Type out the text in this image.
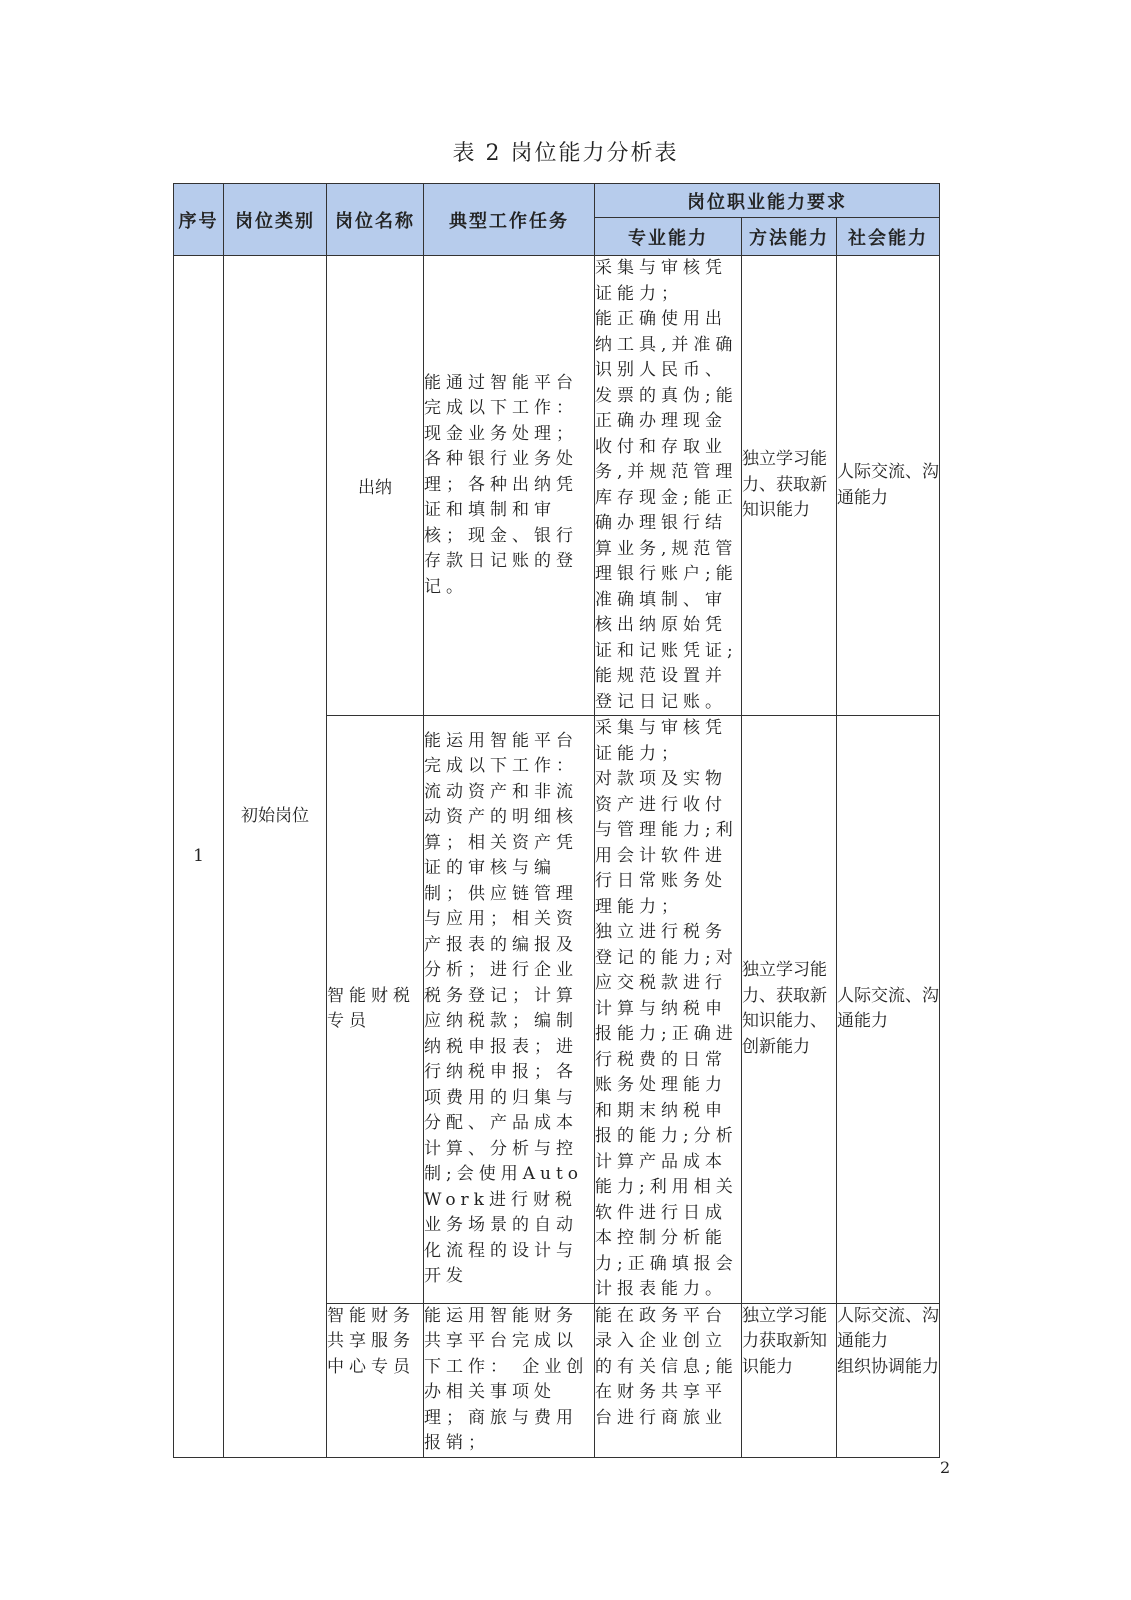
表 2 岗位能力分析表
序号	岗位类别	岗位名称	典型工作任务	岗位职业能力要求		
				专业能力	方法能力	社会能力
1	初始岗位	出纳	能通过智能平台完成以下工作：现金业务处理；各种银行业务处理；各种出纳凭证和填制和审核；现金、银行存款日记账的登记。	采集与审核凭证能力；
能正确使用出纳工具,并准确识别人民币、发票的真伪;能正确办理现金收付和存取业务,并规范管理库存现金;能正确办理银行结算业务,规范管理银行账户;能准确填制、审核出纳原始凭证和记账凭证;能规范设置并登记日记账。	独立学习能力、获取新知识能力	人际交流、沟通能力
		智能财税专员	能运用智能平台完成以下工作：流动资产和非流动资产的明细核算；相关资产凭证的审核与编制；供应链管理与应用；相关资产报表的编报及分析；进行企业税务登记；计算应纳税款；编制纳税申报表；进行纳税申报；各项费用的归集与分配、产品成本计算、分析与控制;会使用AutoWork进行财税业务场景的自动化流程的设计与开发	采集与审核凭证能力；
对款项及实物资产进行收付与管理能力;利用会计软件进行日常账务处理能力；
独立进行税务登记的能力;对应交税款进行计算与纳税申报能力;正确进行税费的日常账务处理能力和期末纳税申报的能力;分析计算产品成本能力;利用相关软件进行日成本控制分析能力;正确填报会计报表能力。	独立学习能力、获取新知识能力、
创新能力	人际交流、沟通能力
		智能财务共享服务中心专员	能运用智能财务共享平台完成以下工作： 企业创办相关事项处理；商旅与费用报销；	能在政务平台录入企业创立的有关信息;能在财务共享平台进行商旅业	独立学习能力获取新知识能力	人际交流、沟通能力
组织协调能力
2
